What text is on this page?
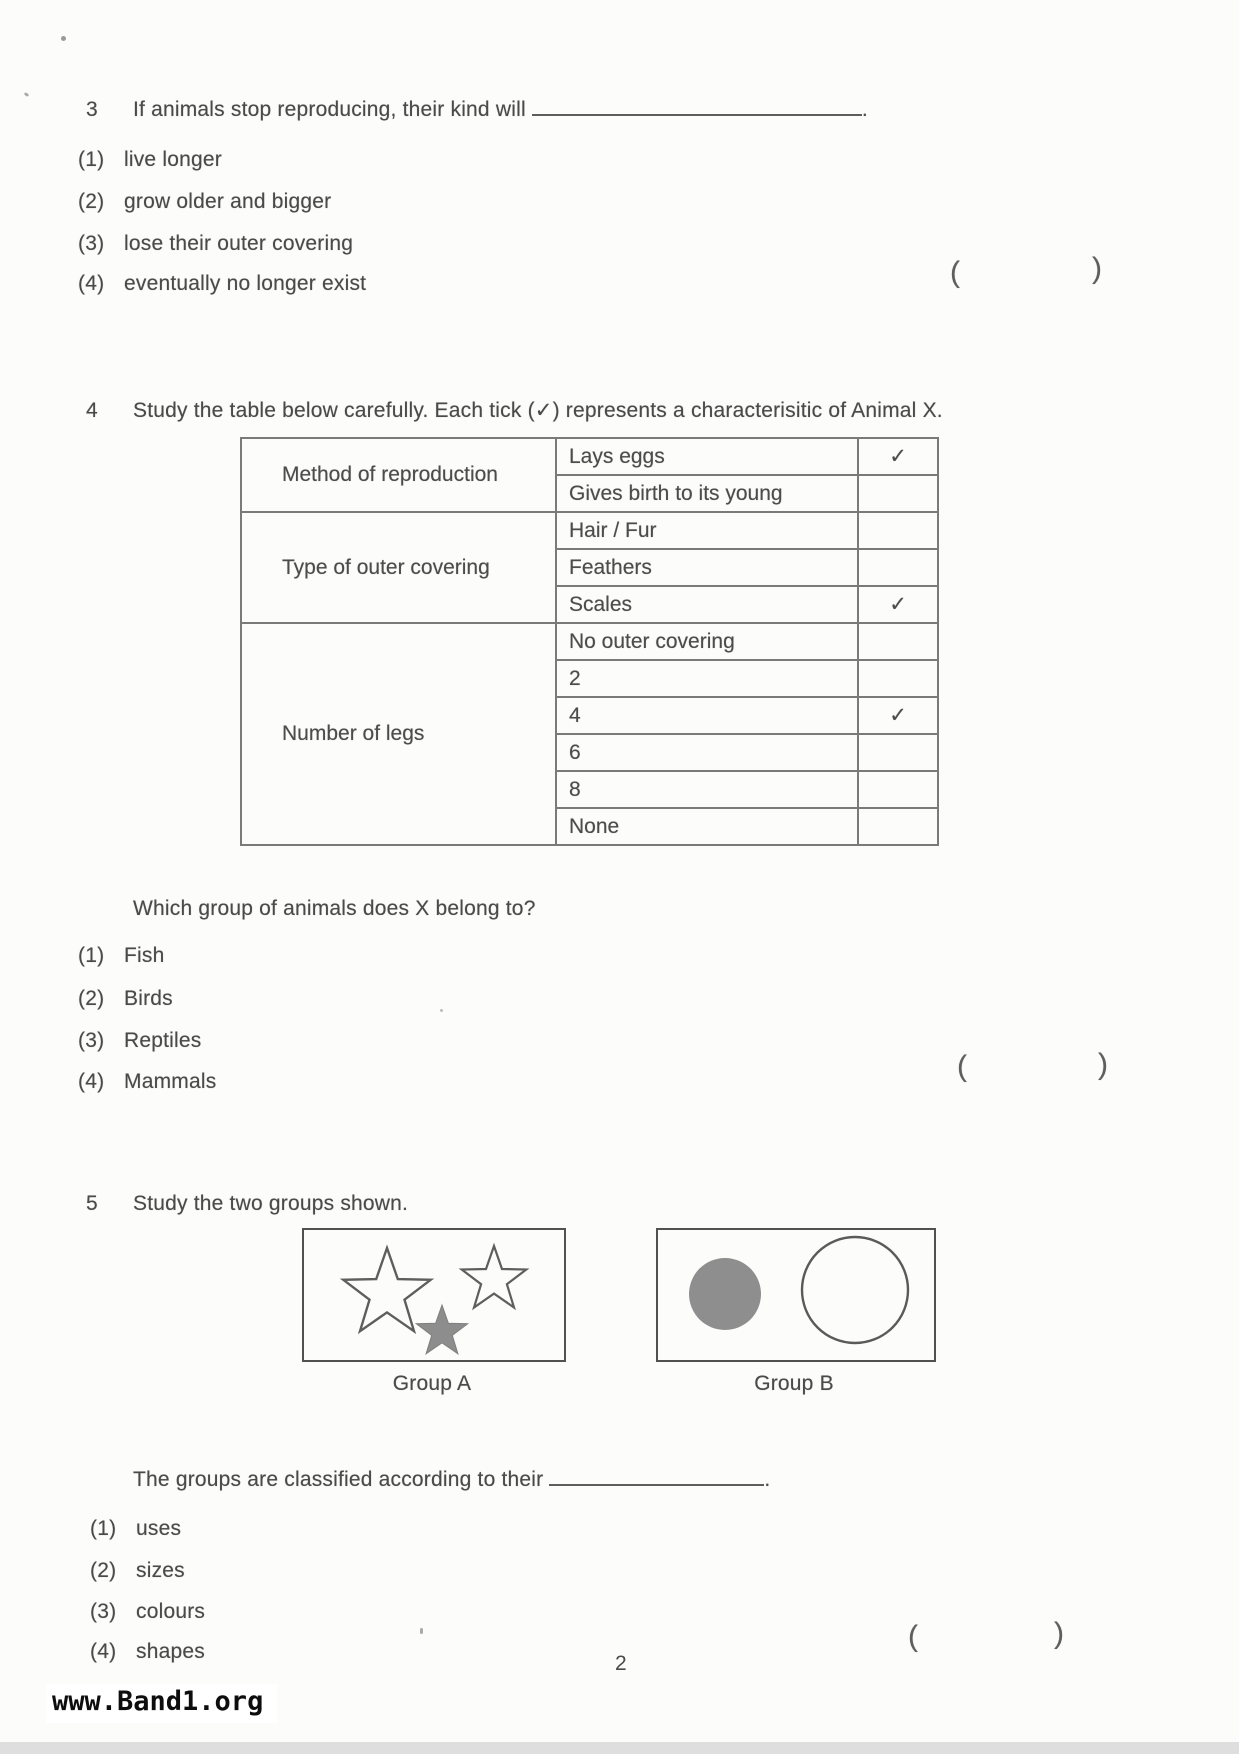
3 If animals stop reproducing, their kind will	.
(1) live longer
(2) grow older and bigger
(3) lose their outer covering
(4) eventually no longer exist	(	)
4 Study the table below carefully. Each tick (✓) represents a characterisitic of Animal X.
Method of reproduction	Lays eggs	✓
	Gives birth to its young	
Type of outer covering	Hair / Fur	
	Feathers	
	Scales	✓
Number of legs	No outer covering	
	2	
	4	✓
	6	
	8	
	None	
Which group of animals does X belong to?
(1) Fish
(2) Birds
(3) Reptiles
(4) Mammals	(	)
5 Study the two groups shown.
Group A	Group B
The groups are classified according to their	.
(1) uses
(2) sizes
(3) colours
(4) shapes	(	)
2
www.Band1.org
